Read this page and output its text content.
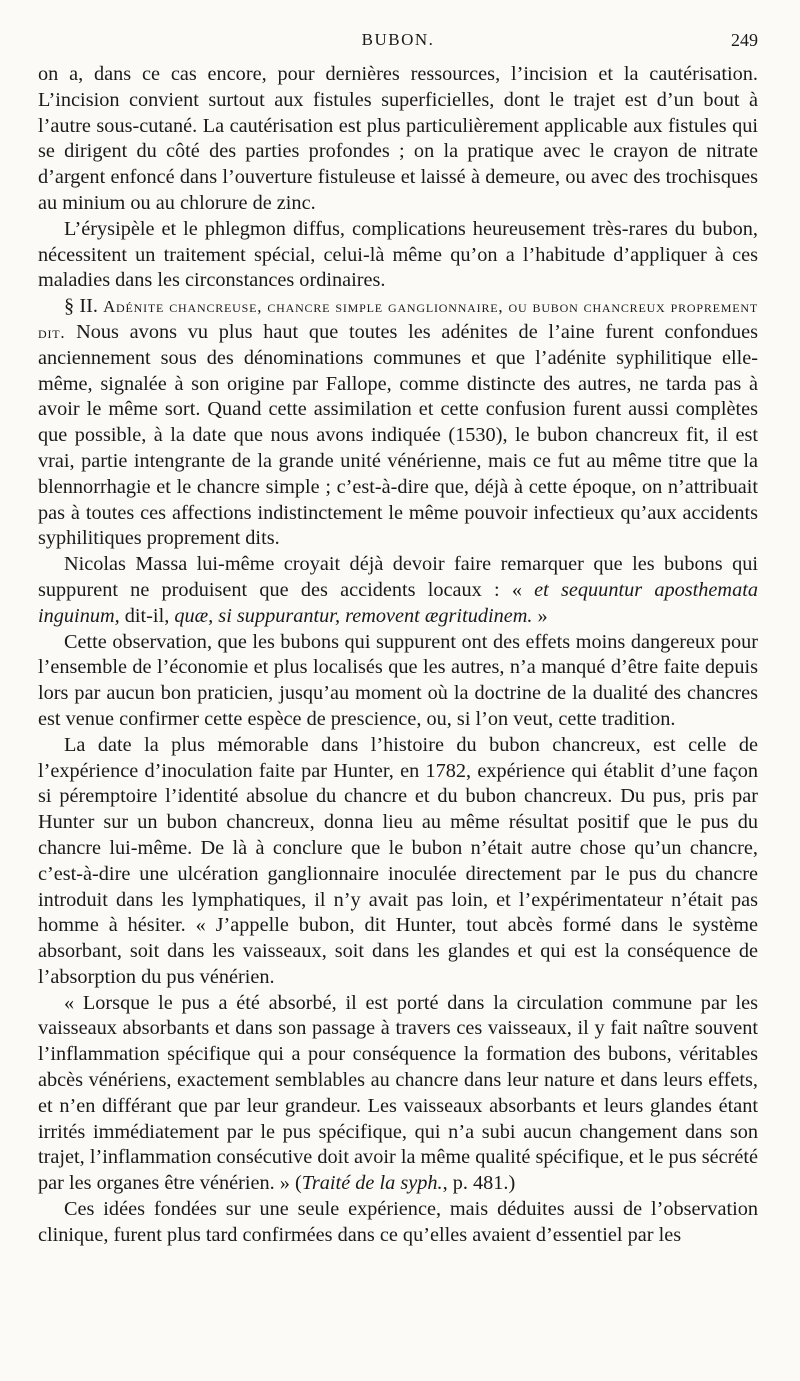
BUBON.	249

on a, dans ce cas encore, pour dernières ressources, l’incision et la cautérisation. L’incision convient surtout aux fistules superficielles, dont le trajet est d’un bout à l’autre sous-cutané. La cautérisation est plus particulièrement applicable aux fistules qui se dirigent du côté des parties profondes ; on la pratique avec le crayon de nitrate d’argent enfoncé dans l’ouverture fistuleuse et laissé à demeure, ou avec des trochisques au minium ou au chlorure de zinc.

L’érysipèle et le phlegmon diffus, complications heureusement très-rares du bubon, nécessitent un traitement spécial, celui-là même qu’on a l’habitude d’appliquer à ces maladies dans les circonstances ordinaires.

§ II. Adénite chancreuse, chancre simple ganglionnaire, ou bubon chancreux proprement dit. Nous avons vu plus haut que toutes les adénites de l’aine furent confondues anciennement sous des dénominations communes et que l’adénite syphilitique elle-même, signalée à son origine par Fallope, comme distincte des autres, ne tarda pas à avoir le même sort. Quand cette assimilation et cette confusion furent aussi complètes que possible, à la date que nous avons indiquée (1530), le bubon chancreux fit, il est vrai, partie intengrante de la grande unité vénérienne, mais ce fut au même titre que la blennorrhagie et le chancre simple ; c’est-à-dire que, déjà à cette époque, on n’attribuait pas à toutes ces affections indistinctement le même pouvoir infectieux qu’aux accidents syphilitiques proprement dits.

Nicolas Massa lui-même croyait déjà devoir faire remarquer que les bubons qui suppurent ne produisent que des accidents locaux : « et sequuntur aposthemata inguinum, dit-il, quæ, si suppurantur, removent ægritudinem. »

Cette observation, que les bubons qui suppurent ont des effets moins dangereux pour l’ensemble de l’économie et plus localisés que les autres, n’a manqué d’être faite depuis lors par aucun bon praticien, jusqu’au moment où la doctrine de la dualité des chancres est venue confirmer cette espèce de prescience, ou, si l’on veut, cette tradition.

La date la plus mémorable dans l’histoire du bubon chancreux, est celle de l’expérience d’inoculation faite par Hunter, en 1782, expérience qui établit d’une façon si péremptoire l’identité absolue du chancre et du bubon chancreux. Du pus, pris par Hunter sur un bubon chancreux, donna lieu au même résultat positif que le pus du chancre lui-même. De là à conclure que le bubon n’était autre chose qu’un chancre, c’est-à-dire une ulcération ganglionnaire inoculée directement par le pus du chancre introduit dans les lymphatiques, il n’y avait pas loin, et l’expérimentateur n’était pas homme à hésiter. « J’appelle bubon, dit Hunter, tout abcès formé dans le système absorbant, soit dans les vaisseaux, soit dans les glandes et qui est la conséquence de l’absorption du pus vénérien.

« Lorsque le pus a été absorbé, il est porté dans la circulation commune par les vaisseaux absorbants et dans son passage à travers ces vaisseaux, il y fait naître souvent l’inflammation spécifique qui a pour conséquence la formation des bubons, véritables abcès vénériens, exactement semblables au chancre dans leur nature et dans leurs effets, et n’en différant que par leur grandeur. Les vaisseaux absorbants et leurs glandes étant irrités immédiatement par le pus spécifique, qui n’a subi aucun changement dans son trajet, l’inflammation consécutive doit avoir la même qualité spécifique, et le pus sécrété par les organes être vénérien. » (Traité de la syph., p. 481.)

Ces idées fondées sur une seule expérience, mais déduites aussi de l’observation clinique, furent plus tard confirmées dans ce qu’elles avaient d’essentiel par les
